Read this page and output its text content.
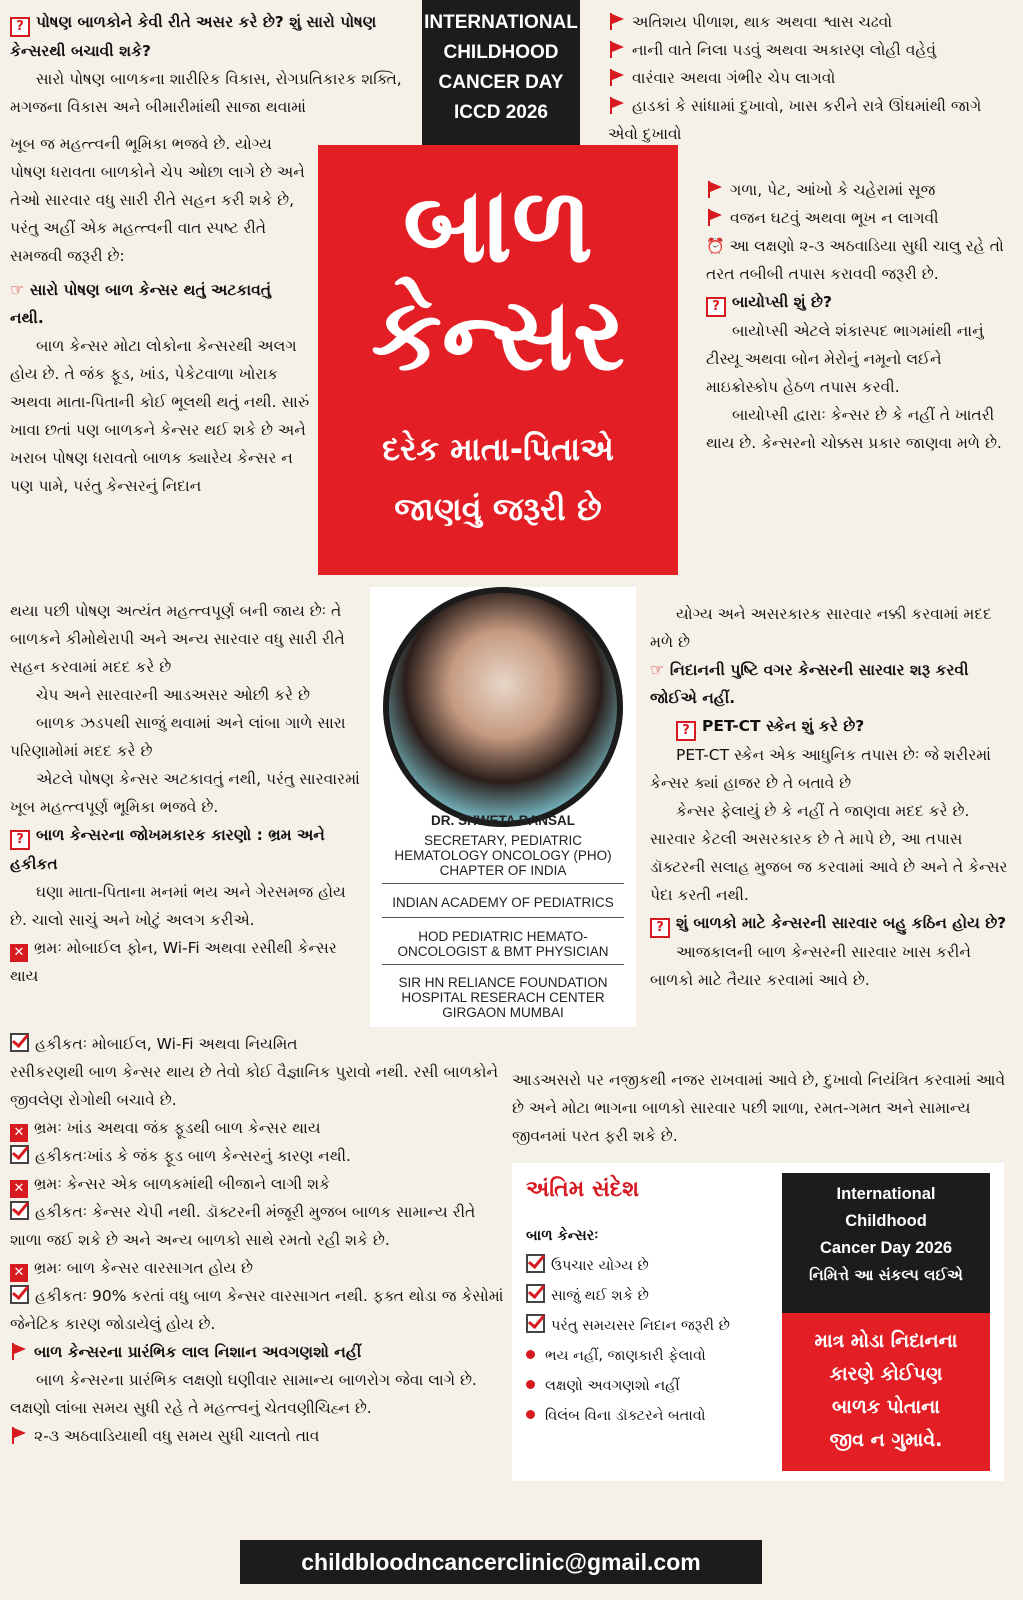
INTERNATIONAL
CHILDHOOD
CANCER DAY
ICCD 2026
બાળ
કેન્સર
દરેક માતા-પિતાએ
જાણવું જરૂરી છે

? પોષણ બાળકોને કેવી રીતે અસર કરે છે? શું સારો પોષણ કેન્સરથી બચાવી શકે?

સારો પોષણ બાળકના શારીરિક વિકાસ, રોગપ્રતિકારક શક્તિ, મગજના વિકાસ અને બીમારીમાંથી સાજા થવામાં

ખૂબ જ મહત્ત્વની ભૂમિકા ભજવે છે. યોગ્ય પોષણ ધરાવતા બાળકોને ચેપ ઓછા લાગે છે અને તેઓ સારવાર વધુ સારી રીતે સહન કરી શકે છે, પરંતુ અહીં એક મહત્ત્વની વાત સ્પષ્ટ રીતે સમજવી જરૂરી છે:

☞ સારો પોષણ બાળ કેન્સર થતું અટકાવતું નથી.

બાળ કેન્સર મોટા લોકોના કેન્સરથી અલગ હોય છે. તે જંક ફૂડ, ખાંડ, પેકેટવાળા ખોરાક અથવા માતા-પિતાની કોઈ ભૂલથી થતું નથી. સારું ખાવા છતાં પણ બાળકને કેન્સર થઈ શકે છે અને ખરાબ પોષણ ધરાવતો બાળક ક્યારેય કેન્સર ન પણ પામે, પરંતુ કેન્સરનું નિદાન

થયા પછી પોષણ અત્યંત મહત્ત્વપૂર્ણ બની જાય છેઃ તે બાળકને કીમોથેરાપી અને અન્ય સારવાર વધુ સારી રીતે સહન કરવામાં મદદ કરે છે

ચેપ અને સારવારની આડઅસર ઓછી કરે છે

બાળક ઝડપથી સાજું થવામાં અને લાંબા ગાળે સારા પરિણામોમાં મદદ કરે છે

એટલે પોષણ કેન્સર અટકાવતું નથી, પરંતુ સારવારમાં ખૂબ મહત્ત્વપૂર્ણ ભૂમિકા ભજવે છે.

? બાળ કેન્સરના જોખમકારક કારણો : ભ્રમ અને હકીકત

ઘણા માતા-પિતાના મનમાં ભય અને ગેરસમજ હોય છે. ચાલો સાચું અને ખોટું અલગ કરીએ.

✕ ભ્રમઃ મોબાઈલ ફોન, Wi-Fi અથવા રસીથી કેન્સર થાય

DR. SHWETA BANSAL
SECRETARY, PEDIATRIC
HEMATOLOGY ONCOLOGY (PHO)
CHAPTER OF INDIA
INDIAN ACADEMY OF PEDIATRICS
HOD PEDIATRIC HEMATO-
ONCOLOGIST & BMT PHYSICIAN
SIR HN RELIANCE FOUNDATION
HOSPITAL RESERACH CENTER
GIRGAON MUMBAI

હકીકતઃ મોબાઈલ, Wi-Fi અથવા નિયમિત

રસીકરણથી બાળ કેન્સર થાય છે તેવો કોઈ વૈજ્ઞાનિક પુરાવો નથી. રસી બાળકોને જીવલેણ રોગોથી બચાવે છે.

✕ ભ્રમઃ ખાંડ અથવા જંક ફૂડથી બાળ કેન્સર થાય

હકીકતઃખાંડ કે જંક ફૂડ બાળ કેન્સરનું કારણ નથી.

✕ ભ્રમઃ કેન્સર એક બાળકમાંથી બીજાને લાગી શકે

હકીકતઃ કેન્સર ચેપી નથી. ડૉક્ટરની મંજૂરી મુજબ બાળક સામાન્ય રીતે શાળા જઈ શકે છે અને અન્ય બાળકો સાથે રમતો રહી શકે છે.

✕ ભ્રમઃ બાળ કેન્સર વારસાગત હોય છે

હકીકતઃ 90% કરતાં વધુ બાળ કેન્સર વારસાગત નથી. ફક્ત થોડા જ કેસોમાં જેનેટિક કારણ જોડાયેલું હોય છે.

બાળ કેન્સરના પ્રારંભિક લાલ નિશાન અવગણશો નહીં

બાળ કેન્સરના પ્રારંભિક લક્ષણો ઘણીવાર સામાન્ય બાળરોગ જેવા લાગે છે. લક્ષણો લાંબા સમય સુધી રહે તે મહત્ત્વનું ચેતવણીચિહ્ન છે.

૨-૩ અઠવાડિયાથી વધુ સમય સુધી ચાલતો તાવ

અતિશય પીળાશ, થાક અથવા શ્વાસ ચઢવો

નાની વાતે નિલા પડવું અથવા અકારણ લોહી વહેવું

વારંવાર અથવા ગંભીર ચેપ લાગવો

હાડકાં કે સાંધામાં દુખાવો, ખાસ કરીને રાત્રે ઊંઘમાંથી જાગે એવો દુખાવો

ગળા, પેટ, આંખો કે ચહેરામાં સૂજ

વજન ઘટવું અથવા ભૂખ ન લાગવી

⏰ આ લક્ષણો ૨-૩ અઠવાડિયા સુધી ચાલુ રહે તો તરત તબીબી તપાસ કરાવવી જરૂરી છે.

? બાયોપ્સી શું છે?

બાયોપ્સી એટલે શંકાસ્પદ ભાગમાંથી નાનું ટીસ્યૂ અથવા બોન મેરોનું નમૂનો લઈને માઇક્રોસ્કોપ હેઠળ તપાસ કરવી.

બાયોપ્સી દ્વારાઃ કેન્સર છે કે નહીં તે ખાતરી થાય છે. કેન્સરનો ચોક્કસ પ્રકાર જાણવા મળે છે.

યોગ્ય અને અસરકારક સારવાર નક્કી કરવામાં મદદ મળે છે

☞ નિદાનની પુષ્ટિ વગર કેન્સરની સારવાર શરૂ કરવી જોઈએ નહીં.

? PET-CT સ્કેન શું કરે છે?

PET-CT સ્કેન એક આધુનિક તપાસ છેઃ જે શરીરમાં કેન્સર ક્યાં હાજર છે તે બતાવે છે

કેન્સર ફેલાયું છે કે નહીં તે જાણવા મદદ કરે છે. સારવાર કેટલી અસરકારક છે તે માપે છે, આ તપાસ ડૉક્ટરની સલાહ મુજબ જ કરવામાં આવે છે અને તે કેન્સર પેદા કરતી નથી.

? શું બાળકો માટે કેન્સરની સારવાર બહુ કઠિન હોય છે?

આજકાલની બાળ કેન્સરની સારવાર ખાસ કરીને બાળકો માટે તૈયાર કરવામાં આવે છે.

આડઅસરો પર નજીકથી નજર રાખવામાં આવે છે, દુખાવો નિયંત્રિત કરવામાં આવે છે અને મોટા ભાગના બાળકો સારવાર પછી શાળા, રમત-ગમત અને સામાન્ય જીવનમાં પરત ફરી શકે છે.

અંતિમ સંદેશ

બાળ કેન્સરઃ

ઉપચાર યોગ્ય છે

સાજું થઈ શકે છે

પરંતુ સમયસર નિદાન જરૂરી છે

ભય નહીં, જાણકારી ફેલાવો

લક્ષણો અવગણશો નહીં

વિલંબ વિના ડૉક્ટરને બતાવો

International
Childhood
Cancer Day 2026
નિમિત્તે આ સંકલ્પ લઈએ
માત્ર મોડા નિદાનના
કારણે કોઈપણ
બાળક પોતાના
જીવ ન ગુમાવે.
childbloodncancerclinic@gmail.com
